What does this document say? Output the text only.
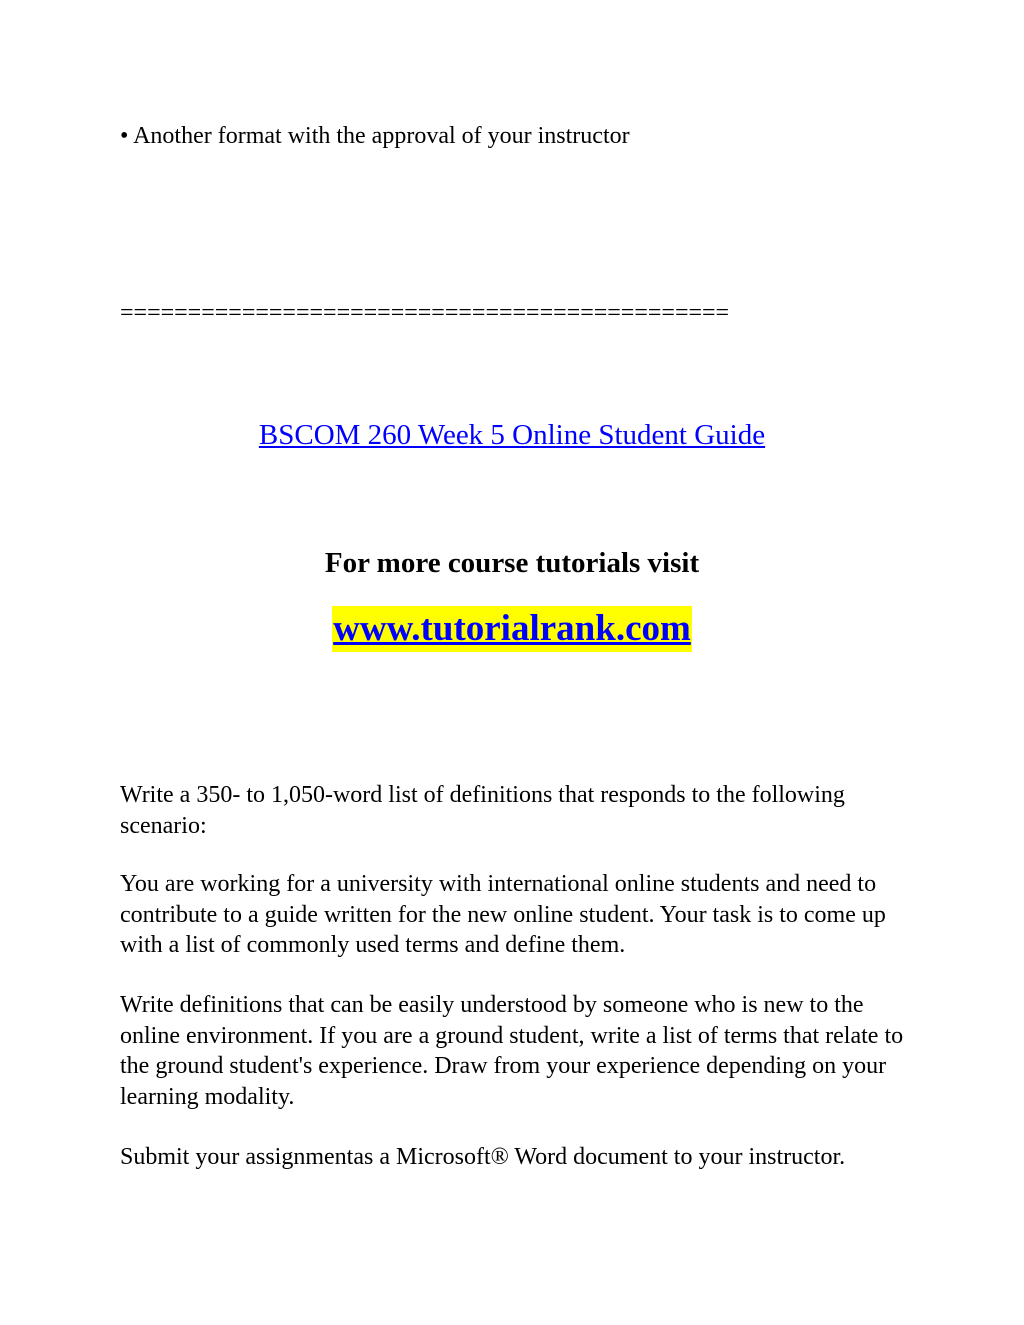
• Another format with the approval of your instructor
=============================================
BSCOM 260 Week 5 Online Student Guide
For more course tutorials visit
www.tutorialrank.com

Write a 350- to 1,050-word list of definitions that responds to the following scenario:

You are working for a university with international online students and need to contribute to a guide written for the new online student. Your task is to come up with a list of commonly used terms and define them.

Write definitions that can be easily understood by someone who is new to the online environment. If you are a ground student, write a list of terms that relate to the ground student's experience. Draw from your experience depending on your learning modality.

Submit your assignmentas a Microsoft® Word document to your instructor.
